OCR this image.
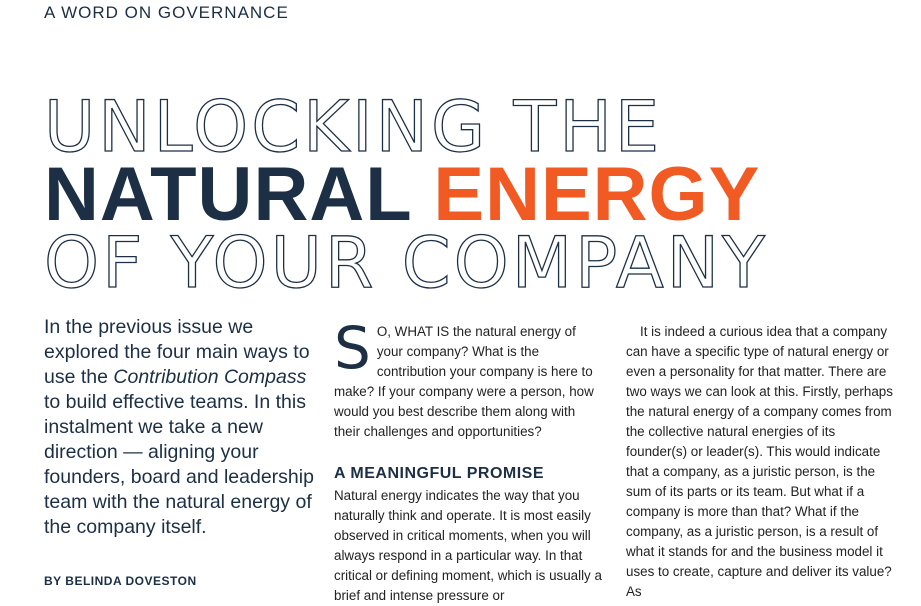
A WORD ON GOVERNANCE
UNLOCKING THE
NATURAL ENERGY
OF YOUR COMPANY

In the previous issue we explored the four main ways to use the Contribution Compass to build effective teams. In this instalment we take a new direction — aligning your founders, board and leadership team with the natural energy of the company itself.

BY BELINDA DOVESTON

S O, WHAT IS the natural energy of your company? What is the contribution your company is here to make? If your company were a person, how would you best describe them along with their challenges and opportunities?

A MEANINGFUL PROMISE

Natural energy indicates the way that you naturally think and operate. It is most easily observed in critical moments, when you will always respond in a particular way. In that critical or defining moment, which is usually a brief and intense pressure or

It is indeed a curious idea that a company can have a specific type of natural energy or even a personality for that matter. There are two ways we can look at this. Firstly, perhaps the natural energy of a company comes from the collective natural energies of its founder(s) or leader(s). This would indicate that a company, as a juristic person, is the sum of its parts or its team. But what if a company is more than that? What if the company, as a juristic person, is a result of what it stands for and the business model it uses to create, capture and deliver its value? As
